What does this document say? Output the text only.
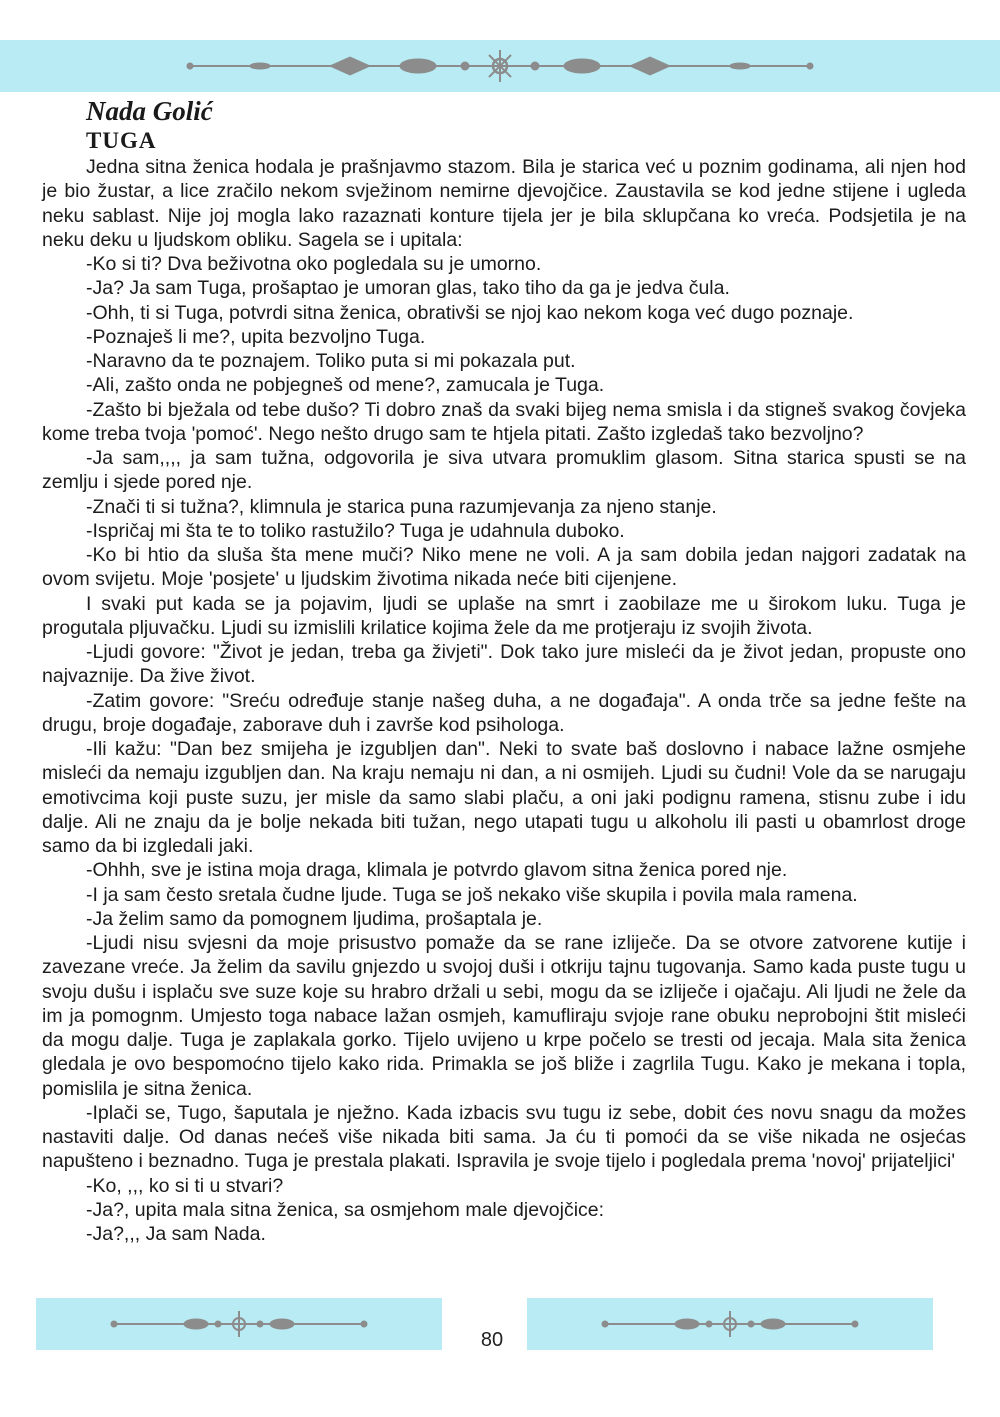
Nada Golić
TUGA

Jedna sitna ženica hodala je prašnjavmo stazom. Bila je starica već u poznim godinama, ali njen hod je bio žustar, a lice zračilo nekom svježinom nemirne djevojčice. Zaustavila se kod jedne stijene i ugleda neku sablast. Nije joj mogla lako razaznati konture tijela jer je bila sklupčana ko vreća. Podsjetila je na neku deku u ljudskom obliku. Sagela se i upitala:

-Ko si ti? Dva beživotna oko pogledala su je umorno.

-Ja? Ja sam Tuga, prošaptao je umoran glas, tako tiho da ga je jedva čula.

-Ohh, ti si Tuga, potvrdi sitna ženica, obrativši se njoj kao nekom koga već dugo poznaje.

-Poznaješ li me?, upita bezvoljno Tuga.

-Naravno da te poznajem. Toliko puta si mi pokazala put.

-Ali, zašto onda ne pobjegneš od mene?, zamucala je Tuga.

-Zašto bi bježala od tebe dušo? Ti dobro znaš da svaki bijeg nema smisla i da stigneš svakog čovjeka kome treba tvoja 'pomoć'. Nego nešto drugo sam te htjela pitati. Zašto izgledaš tako bezvoljno?

-Ja sam,,,, ja sam tužna, odgovorila je siva utvara promuklim glasom. Sitna starica spusti se na zemlju i sjede pored nje.

-Znači ti si tužna?, klimnula je starica puna razumjevanja za njeno stanje.

-Ispričaj mi šta te to toliko rastužilo? Tuga je udahnula duboko.

-Ko bi htio da sluša šta mene muči? Niko mene ne voli. A ja sam dobila jedan najgori zadatak na ovom svijetu. Moje 'posjete' u ljudskim životima nikada neće biti cijenjene.

I svaki put kada se ja pojavim, ljudi se uplaše na smrt i zaobilaze me u širokom luku. Tuga je progutala pljuvačku. Ljudi su izmislili krilatice kojima žele da me protjeraju iz svojih života.

-Ljudi govore: "Život je jedan, treba ga živjeti". Dok tako jure misleći da je život jedan, propuste ono najvaznije. Da žive život.

-Zatim govore: "Sreću određuje stanje našeg duha, a ne događaja". A onda trče sa jedne fešte na drugu, broje događaje, zaborave duh i završe kod psihologa.

-Ili kažu: "Dan bez smijeha je izgubljen dan". Neki to svate baš doslovno i nabace lažne osmjehe misleći da nemaju izgubljen dan. Na kraju nemaju ni dan, a ni osmijeh. Ljudi su čudni! Vole da se narugaju emotivcima koji puste suzu, jer misle da samo slabi plaču, a oni jaki podignu ramena, stisnu zube i idu dalje. Ali ne znaju da je bolje nekada biti tužan, nego utapati tugu u alkoholu ili pasti u obamrlost droge samo da bi izgledali jaki.

-Ohhh, sve je istina moja draga, klimala je potvrdo glavom sitna ženica pored nje.

-I ja sam često sretala čudne ljude. Tuga se još nekako više skupila i povila mala ramena.

-Ja želim samo da pomognem ljudima, prošaptala je.

-Ljudi nisu svjesni da moje prisustvo pomaže da se rane izliječe. Da se otvore zatvorene kutije i zavezane vreće. Ja želim da savilu gnjezdo u svojoj duši i otkriju tajnu tugovanja. Samo kada puste tugu u svoju dušu i isplaču sve suze koje su hrabro držali u sebi, mogu da se izliječe i ojačaju. Ali ljudi ne žele da im ja pomognm. Umjesto toga nabace lažan osmjeh, kamufliraju svjoje rane obuku neprobojni štit misleći da mogu dalje. Tuga je zaplakala gorko. Tijelo uvijeno u krpe počelo se tresti od jecaja. Mala sita ženica gledala je ovo bespomoćno tijelo kako rida. Primakla se još bliže i zagrlila Tugu. Kako je mekana i topla, pomislila je sitna ženica.

-Iplači se, Tugo, šaputala je nježno. Kada izbacis svu tugu iz sebe, dobit ćes novu snagu da možes nastaviti dalje. Od danas nećeš više nikada biti sama. Ja ću ti pomoći da se više nikada ne osjećas napušteno i beznadno. Tuga je prestala plakati. Ispravila je svoje tijelo i pogledala prema 'novoj' prijateljici'

-Ko, ,,, ko si ti u stvari?

-Ja?, upita mala sitna ženica, sa osmjehom male djevojčice:

-Ja?,,, Ja sam Nada.

80
